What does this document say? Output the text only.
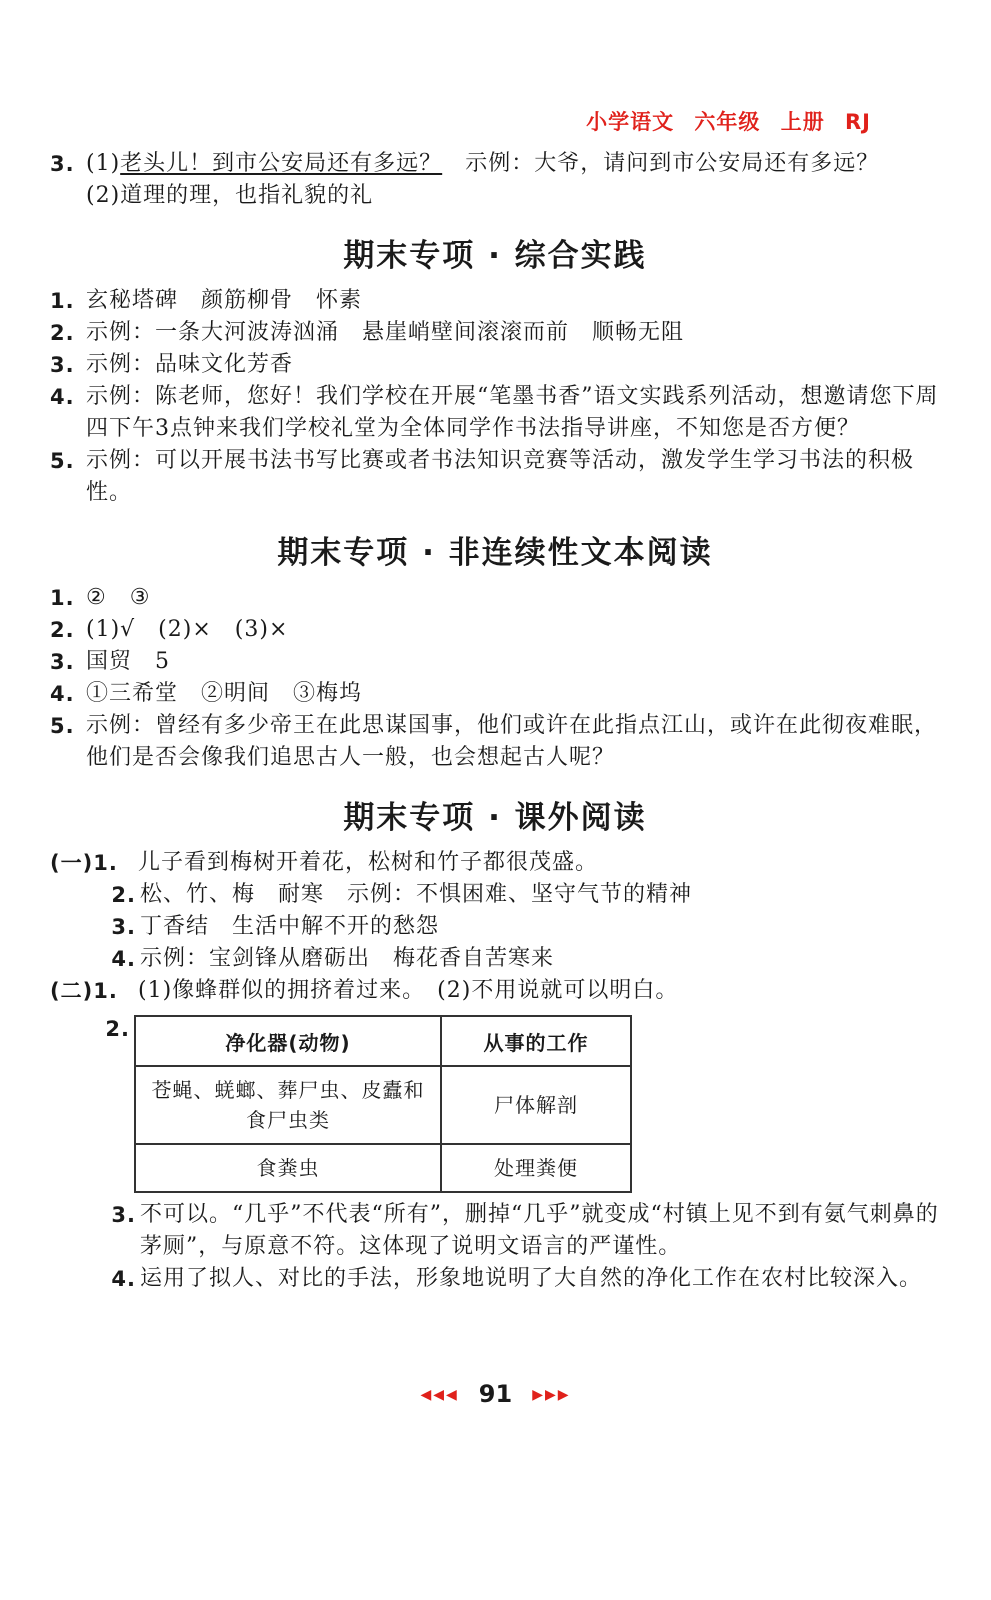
小学语文 六年级 上册 RJ
3. (1)老头儿！到市公安局还有多远？　示例：大爷，请问到市公安局还有多远？
(2)道理的理，也指礼貌的礼
期末专项 · 综合实践
1. 玄秘塔碑　颜筋柳骨　怀素
2. 示例：一条大河波涛汹涌　悬崖峭壁间滚滚而前　顺畅无阻
3. 示例：品味文化芳香
4. 示例：陈老师，您好！我们学校在开展“笔墨书香”语文实践系列活动，想邀请您下周四下午3点钟来我们学校礼堂为全体同学作书法指导讲座，不知您是否方便？
5. 示例：可以开展书法书写比赛或者书法知识竞赛等活动，激发学生学习书法的积极性。
期末专项 · 非连续性文本阅读
1. ②　③
2. (1)√　(2)×　(3)×
3. 国贸　5
4. ①三希堂　②明间　③梅坞
5. 示例：曾经有多少帝王在此思谋国事，他们或许在此指点江山，或许在此彻夜难眠，他们是否会像我们追思古人一般，也会想起古人呢？
期末专项 · 课外阅读
(一)1. 儿子看到梅树开着花，松树和竹子都很茂盛。
2. 松、竹、梅　耐寒　示例：不惧困难、坚守气节的精神
3. 丁香结　生活中解不开的愁怨
4. 示例：宝剑锋从磨砺出　梅花香自苦寒来
(二)1. (1)像蜂群似的拥挤着过来。　(2)不用说就可以明白。
2.
净化器(动物)	从事的工作
苍蝇、蜣螂、葬尸虫、皮蠹和食尸虫类	尸体解剖
食粪虫	处理粪便
3. 不可以。“几乎”不代表“所有”，删掉“几乎”就变成“村镇上见不到有氨气刺鼻的茅厕”，与原意不符。这体现了说明文语言的严谨性。
4. 运用了拟人、对比的手法，形象地说明了大自然的净化工作在农村比较深入。
◀◀◀ 91 ▶▶▶
